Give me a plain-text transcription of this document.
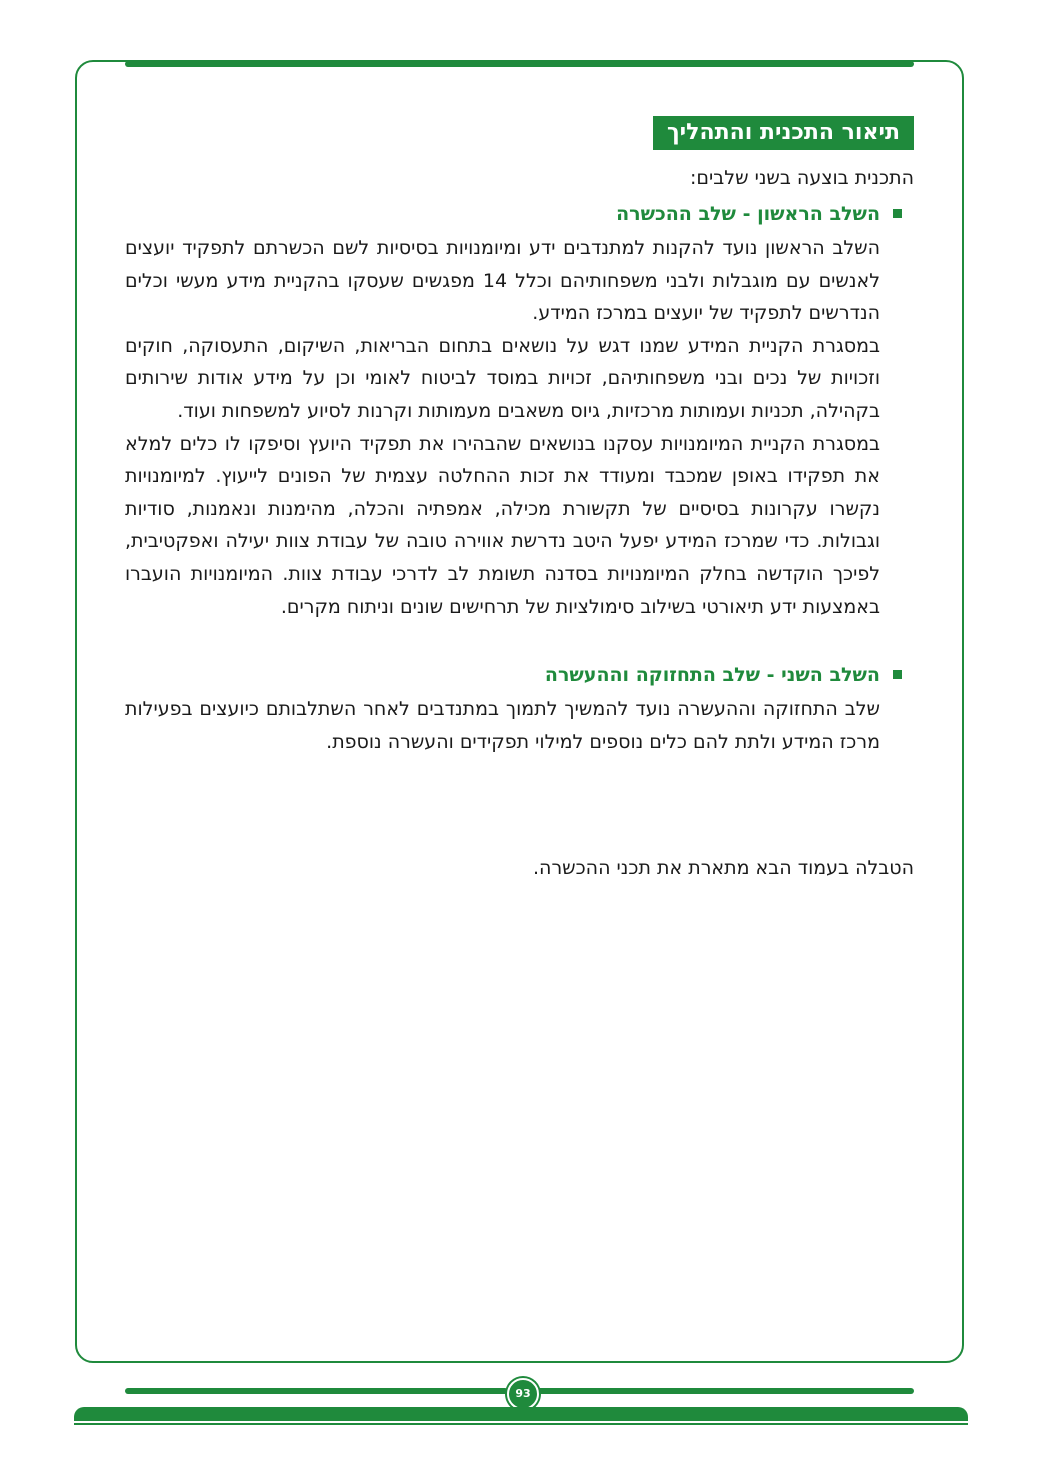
תיאור התכנית והתהליך

התכנית בוצעה בשני שלבים:

השלב הראשון - שלב ההכשרה

השלב הראשון נועד להקנות למתנדבים ידע ומיומנויות בסיסיות לשם הכשרתם לתפקיד יועצים לאנשים עם מוגבלות ולבני משפחותיהם וכלל 14 מפגשים שעסקו בהקניית מידע מעשי וכלים הנדרשים לתפקיד של יועצים במרכז המידע.

במסגרת הקניית המידע שמנו דגש על נושאים בתחום הבריאות, השיקום, התעסוקה, חוקים וזכויות של נכים ובני משפחותיהם, זכויות במוסד לביטוח לאומי וכן על מידע אודות שירותים בקהילה, תכניות ועמותות מרכזיות, גיוס משאבים מעמותות וקרנות לסיוע למשפחות ועוד.

במסגרת הקניית המיומנויות עסקנו בנושאים שהבהירו את תפקיד היועץ וסיפקו לו כלים למלא את תפקידו באופן שמכבד ומעודד את זכות ההחלטה עצמית של הפונים לייעוץ. למיומנויות נקשרו עקרונות בסיסיים של תקשורת מכילה, אמפתיה והכלה, מהימנות ונאמנות, סודיות וגבולות. כדי שמרכז המידע יפעל היטב נדרשת אווירה טובה של עבודת צוות יעילה ואפקטיבית, לפיכך הוקדשה בחלק המיומנויות בסדנה תשומת לב לדרכי עבודת צוות. המיומנויות הועברו באמצעות ידע תיאורטי בשילוב סימולציות של תרחישים שונים וניתוח מקרים.

השלב השני - שלב התחזוקה וההעשרה

שלב התחזוקה וההעשרה נועד להמשיך לתמוך במתנדבים לאחר השתלבותם כיועצים בפעילות מרכז המידע ולתת להם כלים נוספים למילוי תפקידים והעשרה נוספת.

הטבלה בעמוד הבא מתארת את תכני ההכשרה.
93
